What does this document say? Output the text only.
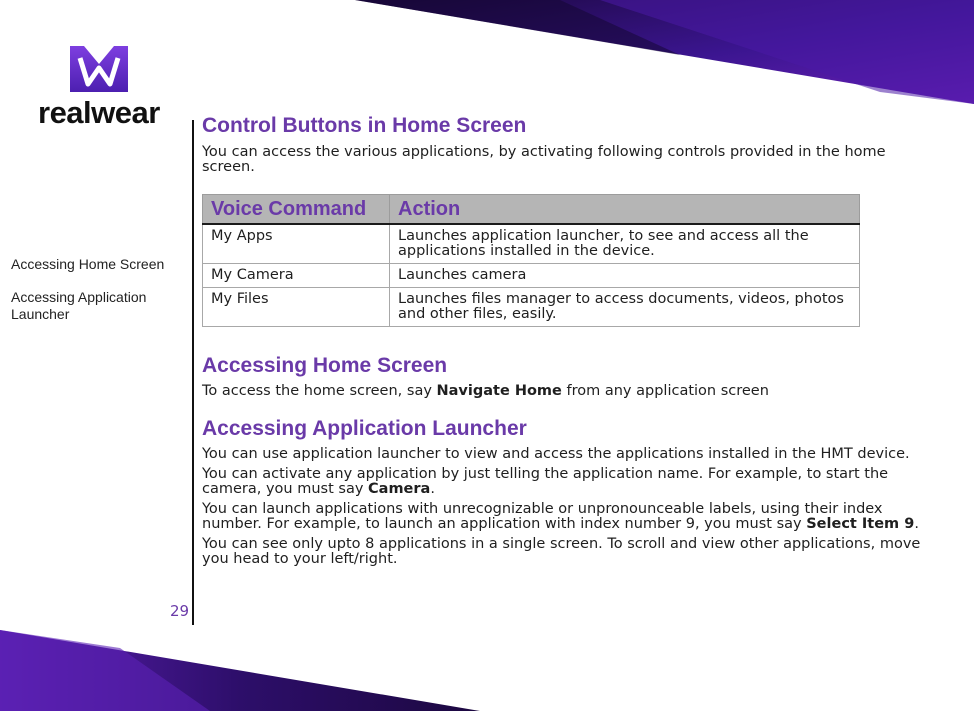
realwear
Accessing Home Screen
Accessing Application Launcher
29
Control Buttons in Home Screen

You can access the various applications, by activating following controls provided in the home screen.

Voice Command	Action
My Apps	Launches application launcher, to see and access all the applications installed in the device.
My Camera	Launches camera
My Files	Launches files manager to access documents, videos, photos and other files, easily.
Accessing Home Screen

To access the home screen, say Navigate Home from any application screen

Accessing Application Launcher

You can use application launcher to view and access the applications installed in the HMT device.

You can activate any application by just telling the application name. For example, to start the camera, you must say Camera.

You can launch applications with unrecognizable or unpronounceable labels, using their index number. For example, to launch an application with index number 9, you must say Select Item 9.

You can see only upto 8 applications in a single screen. To scroll and view other applications, move you head to your left/right.
